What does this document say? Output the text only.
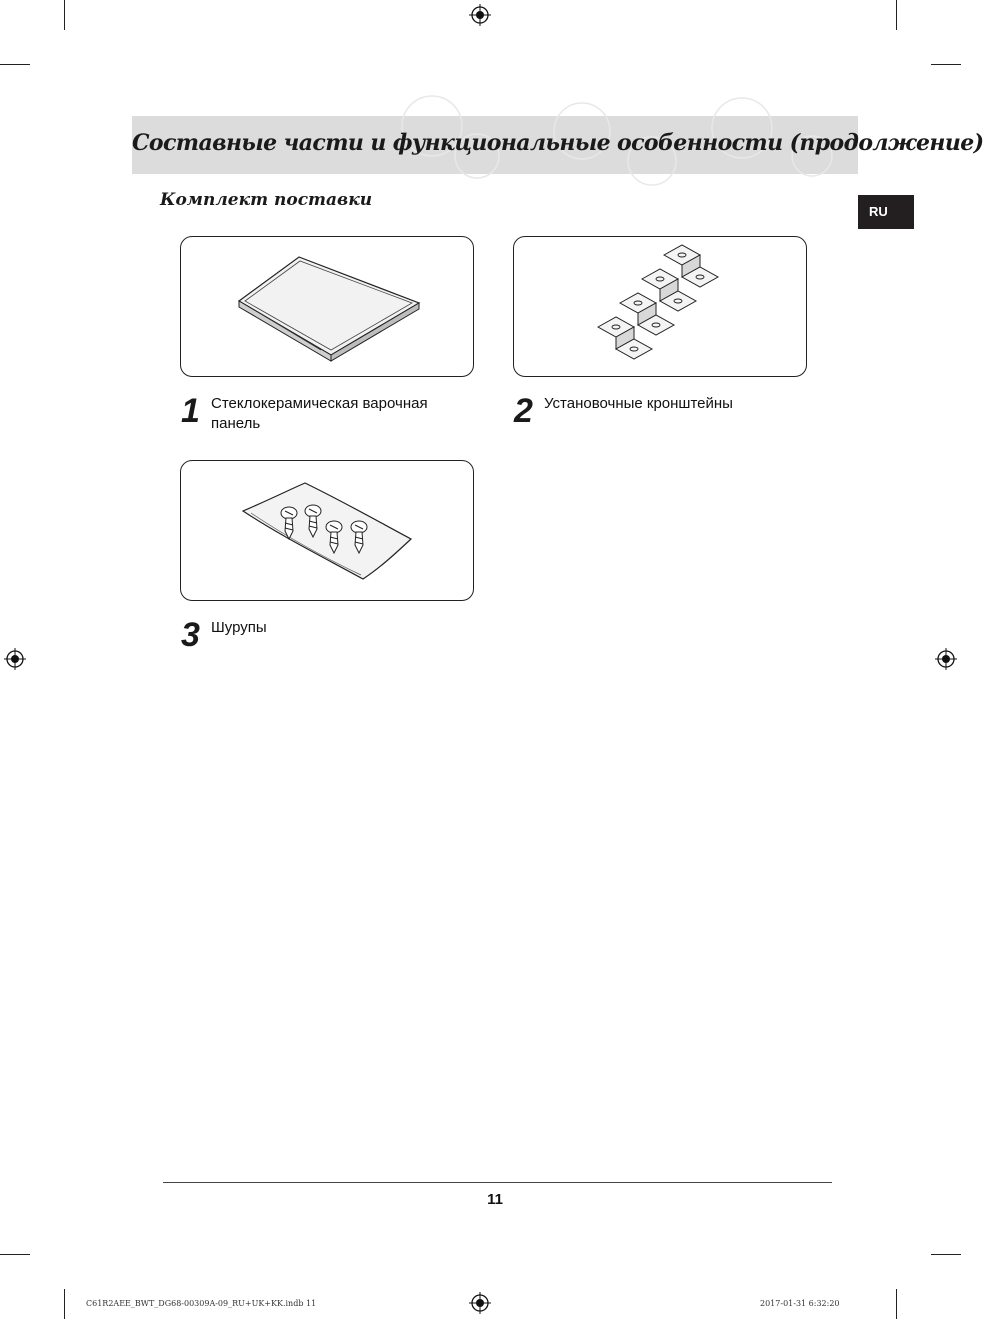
Составные части и функциональные особенности (продолжение)
RU
Комплект поставки
1 Стеклокерамическая варочная панель	2 Установочные кронштейны
3 Шурупы
11
C61R2AEE_BWT_DG68-00309A-09_RU+UK+KK.indb 11	2017-01-31 6:32:20
